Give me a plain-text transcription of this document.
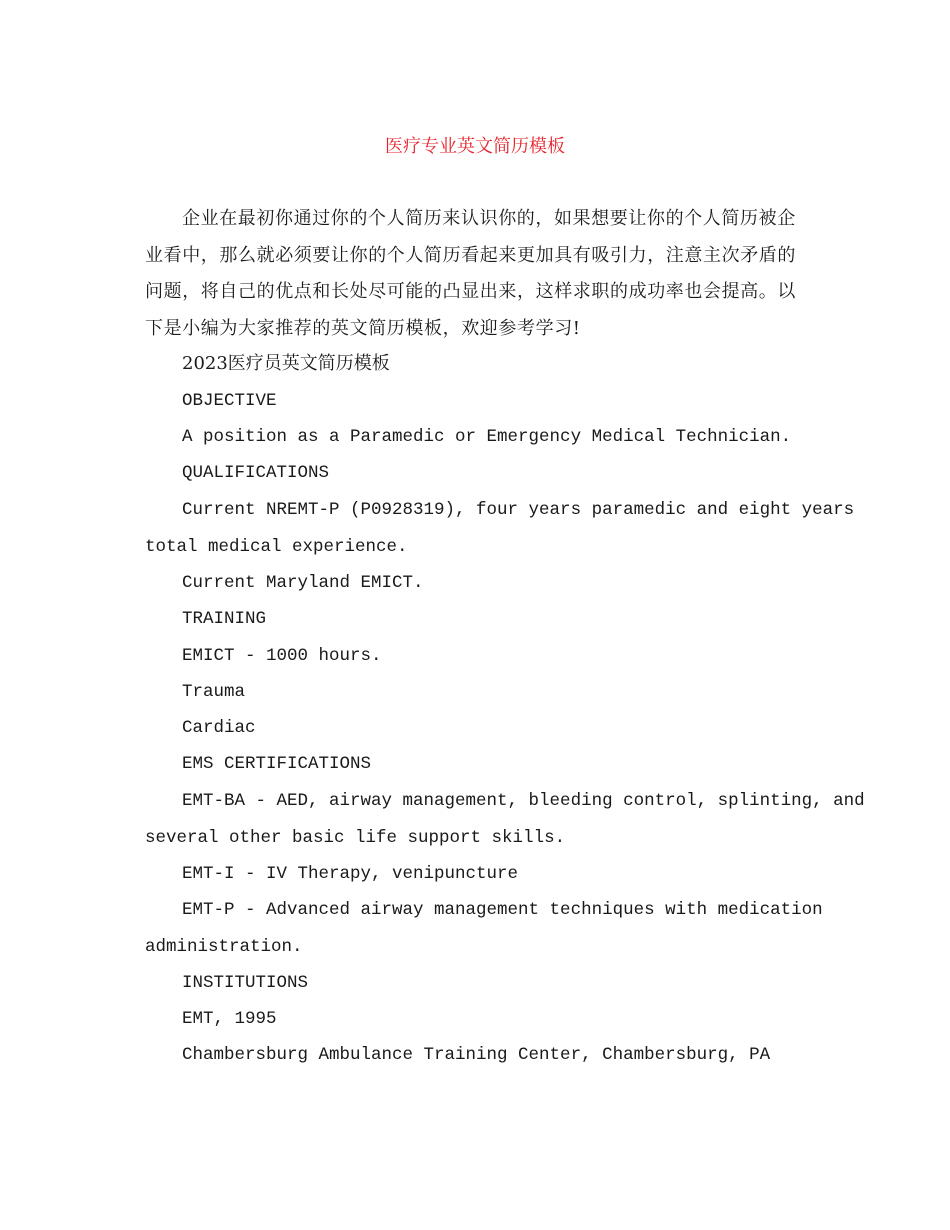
医疗专业英文简历模板

企业在最初你通过你的个人简历来认识你的，如果想要让你的个人简历被企业看中，那么就必须要让你的个人简历看起来更加具有吸引力，注意主次矛盾的问题，将自己的优点和长处尽可能的凸显出来，这样求职的成功率也会提高。以下是小编为大家推荐的英文简历模板，欢迎参考学习!

2023医疗员英文简历模板

OBJECTIVE

A position as a Paramedic or Emergency Medical Technician.

QUALIFICATIONS

Current NREMT-P (P0928319), four years paramedic and eight years

total medical experience.

Current Maryland EMICT.

TRAINING

EMICT - 1000 hours.

Trauma

Cardiac

EMS CERTIFICATIONS

EMT-BA - AED, airway management, bleeding control, splinting, and

several other basic life support skills.

EMT-I - IV Therapy, venipuncture

EMT-P - Advanced airway management techniques with medication

administration.

INSTITUTIONS

EMT, 1995

Chambersburg Ambulance Training Center, Chambersburg, PA
